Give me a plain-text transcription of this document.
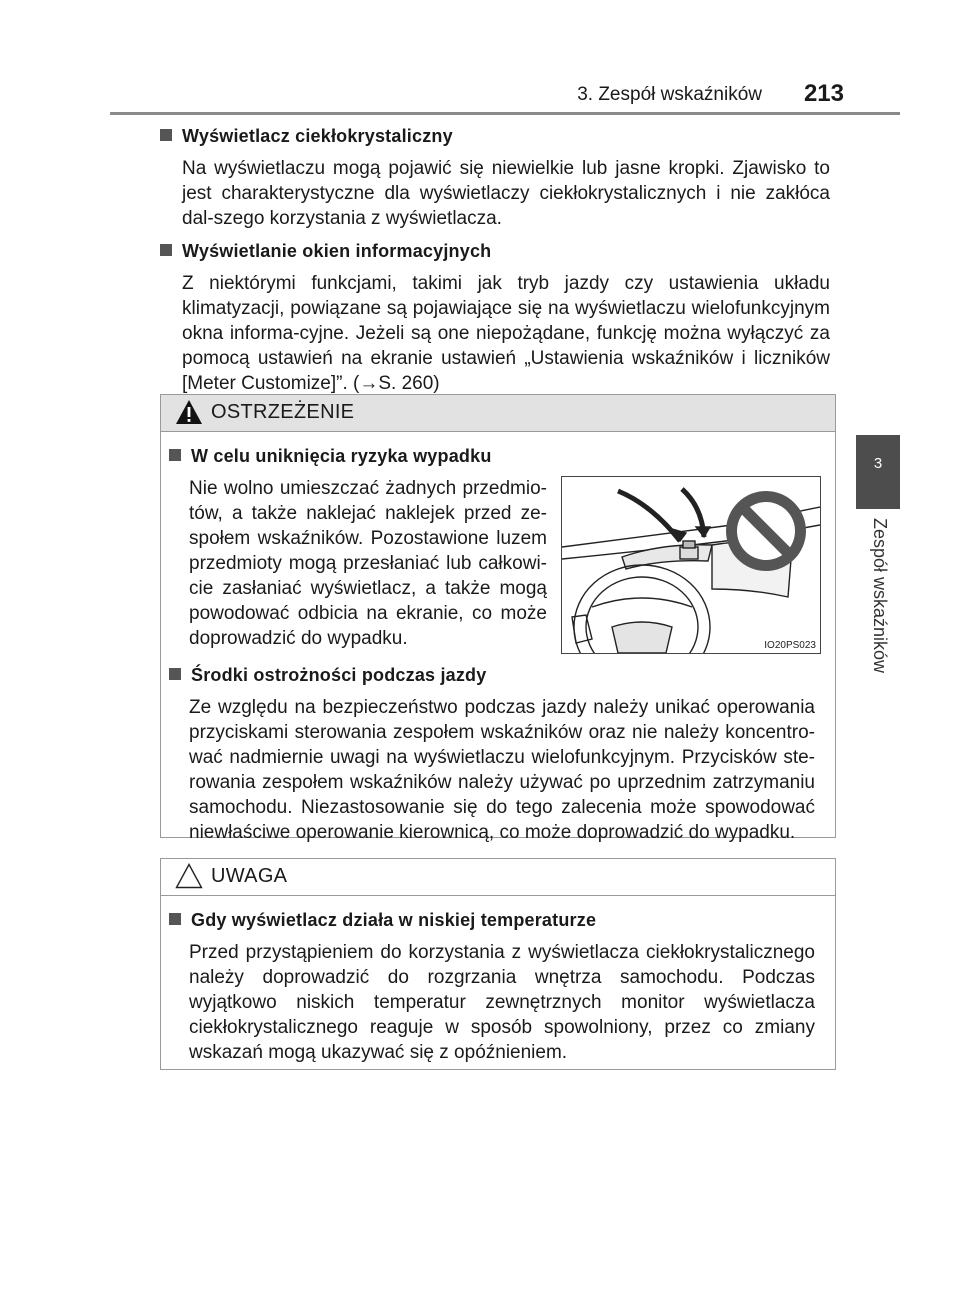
3. Zespół wskaźników 213
3
Zespół wskaźników
Wyświetlacz ciekłokrystaliczny
Na wyświetlaczu mogą pojawić się niewielkie lub jasne kropki. Zjawisko to jest charakterystyczne dla wyświetlaczy ciekłokrystalicznych i nie zakłóca dal-szego korzystania z wyświetlacza.
Wyświetlanie okien informacyjnych
Z niektórymi funkcjami, takimi jak tryb jazdy czy ustawienia układu klimatyzacji, powiązane są pojawiające się na wyświetlaczu wielofunkcyjnym okna informa-cyjne. Jeżeli są one niepożądane, funkcję można wyłączyć za pomocą ustawień na ekranie ustawień „Ustawienia wskaźników i liczników [Meter Customize]”. (→S. 260)
OSTRZEŻENIE
W celu uniknięcia ryzyka wypadku
Nie wolno umieszczać żadnych przedmio-tów, a także naklejać naklejek przed ze-społem wskaźników. Pozostawione luzem przedmioty mogą przesłaniać lub całkowi-cie zasłaniać wyświetlacz, a także mogą powodować odbicia na ekranie, co może doprowadzić do wypadku.
Środki ostrożności podczas jazdy
Ze względu na bezpieczeństwo podczas jazdy należy unikać operowania przyciskami sterowania zespołem wskaźników oraz nie należy koncentro-wać nadmiernie uwagi na wyświetlaczu wielofunkcyjnym. Przycisków ste-rowania zespołem wskaźników należy używać po uprzednim zatrzymaniu samochodu. Niezastosowanie się do tego zalecenia może spowodować niewłaściwe operowanie kierownicą, co może doprowadzić do wypadku.
IO20PS023
UWAGA
Gdy wyświetlacz działa w niskiej temperaturze
Przed przystąpieniem do korzystania z wyświetlacza ciekłokrystalicznego należy doprowadzić do rozgrzania wnętrza samochodu. Podczas wyjątkowo niskich temperatur zewnętrznych monitor wyświetlacza ciekłokrystalicznego reaguje w sposób spowolniony, przez co zmiany wskazań mogą ukazywać się z opóźnieniem.
